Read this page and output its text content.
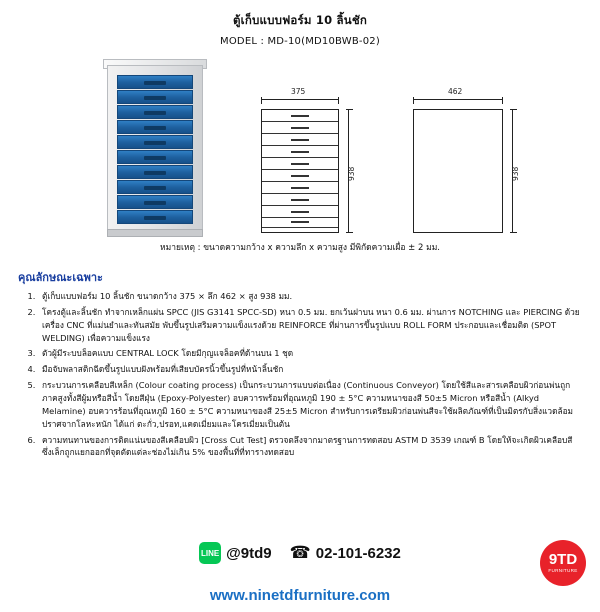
ตู้เก็บแบบฟอร์ม 10 ลิ้นชัก
MODEL : MD-10(MD10BWB-02)
375
938
462
938
หมายเหตุ : ขนาดความกว้าง x ความลึก x ความสูง มีพิกัดความเผื่อ ± 2 มม.
คุณลักษณะเฉพาะ
1. ตู้เก็บแบบฟอร์ม 10 ลิ้นชัก ขนาดกว้าง 375 × ลึก 462 × สูง 938 มม.
2. โครงตู้และลิ้นชัก ทำจากเหล็กแผ่น SPCC (JIS G3141 SPCC-SD) หนา 0.5 มม. ยกเว้นฝาบน หนา 0.6 มม. ผ่านการ NOTCHING และ PIERCING ด้วยเครื่อง CNC ที่แม่นยำและทันสมัย พับขึ้นรูปเสริมความแข็งแรงด้วย REINFORCE ที่ผ่านการขึ้นรูปแบบ ROLL FORM ประกอบและเชื่อมติด (SPOT WELDING) เพื่อความแข็งแรง
3. ตัวผู้มีระบบล็อคแบบ CENTRAL LOCK โดยมีกุญแจล็อคที่ด้านบน 1 ชุด
4. มือจับพลาสติกฉีดขึ้นรูปแบบฝังพร้อมที่เสียบบัตรนิ้วขึ้นรูปที่หน้าลิ้นชัก
5. กระบวนการเคลือบสีเหล็ก (Colour coating process) เป็นกระบวนการแบบต่อเนื่อง (Continuous Conveyor) โดยใช้สีและสารเคลือบผิวก่อนพ่นถูกภาคสูงทั้งสีผู้มหรือสีน้ำ โดยสีฝุ่น (Epoxy-Polyester) อบควารพร้อมที่อุณหภูมิ 190 ± 5°C ความหนาของสี 50±5 Micron หรือสีน้ำ (Alkyd Melamine) อบควารร้อนที่อุณหภูมิ 160 ± 5°C ความหนาของสี 25±5 Micron สำหรับการเตรียมผิวก่อนพ่นสีจะใช้ผลิตภัณฑ์ที่เป็นมิตรกับสิ่งแวดล้อม ปราศจากโลหะหนัก ได้แก่ ตะกั่ว,ปรอท,แคดเมี่ยมและโครเมี่ยมเป็นต้น
6. ความทนทานของการติดแน่นของสีเคลือบผิว [Cross Cut Test] ตรวจตลึงจากมาตรฐานการทดสอบ ASTM D 3539 เกณฑ์ B โดยให้จะเกิดผิวเคลือบสีซึ่งเล็กถูกแยกออกที่จุดตัดแต่ละช่องไม่เกิน 5% ของพื้นที่ที่ทารางทดสอบ
LINE @9td9 ☎ 02-101-6232	9TD
FURNITURE
www.ninetdfurniture.com
